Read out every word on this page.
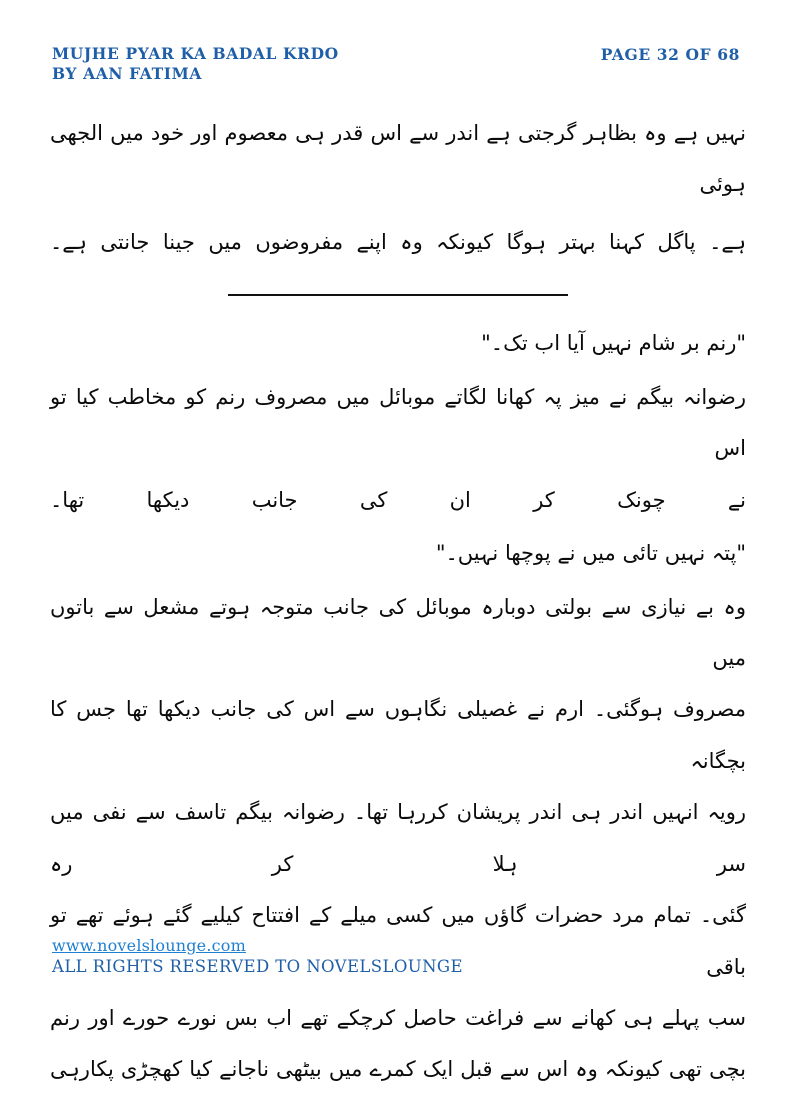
MUJHE PYAR KA BADAL KRDO
BY AAN FATIMA
PAGE 32 OF 68

نہیں ہے وہ بظاہر گرجتی ہے اندر سے اس قدر ہی معصوم اور خود میں الجھی ہوئی

ہے۔ پاگل کہنا بہتر ہوگا کیونکہ وہ اپنے مفروضوں میں جینا جانتی ہے۔

"رنم بر شام نہیں آیا اب تک۔"

رضوانہ بیگم نے میز پہ کھانا لگاتے موبائل میں مصروف رنم کو مخاطب کیا تو اس

نے چونک کر ان کی جانب دیکھا تھا۔

"پتہ نہیں تائی میں نے پوچھا نہیں۔"

وہ بے نیازی سے بولتی دوبارہ موبائل کی جانب متوجہ ہوتے مشعل سے باتوں میں

مصروف ہوگئی۔ ارم نے غصیلی نگاہوں سے اس کی جانب دیکھا تھا جس کا بچگانہ

رویہ انہیں اندر ہی اندر پریشان کررہا تھا۔ رضوانہ بیگم تاسف سے نفی میں سر ہلا کر رہ

گئی۔ تمام مرد حضرات گاؤں میں کسی میلے کے افتتاح کیلیے گئے ہوئے تھے تو باقی

سب پہلے ہی کھانے سے فراغت حاصل کرچکے تھے اب بس نورے حورے اور رنم

بچی تھی کیونکہ وہ اس سے قبل ایک کمرے میں بیٹھی ناجانے کیا کھچڑی پکارہی

www.novelslounge.com
ALL RIGHTS RESERVED TO NOVELSLOUNGE
